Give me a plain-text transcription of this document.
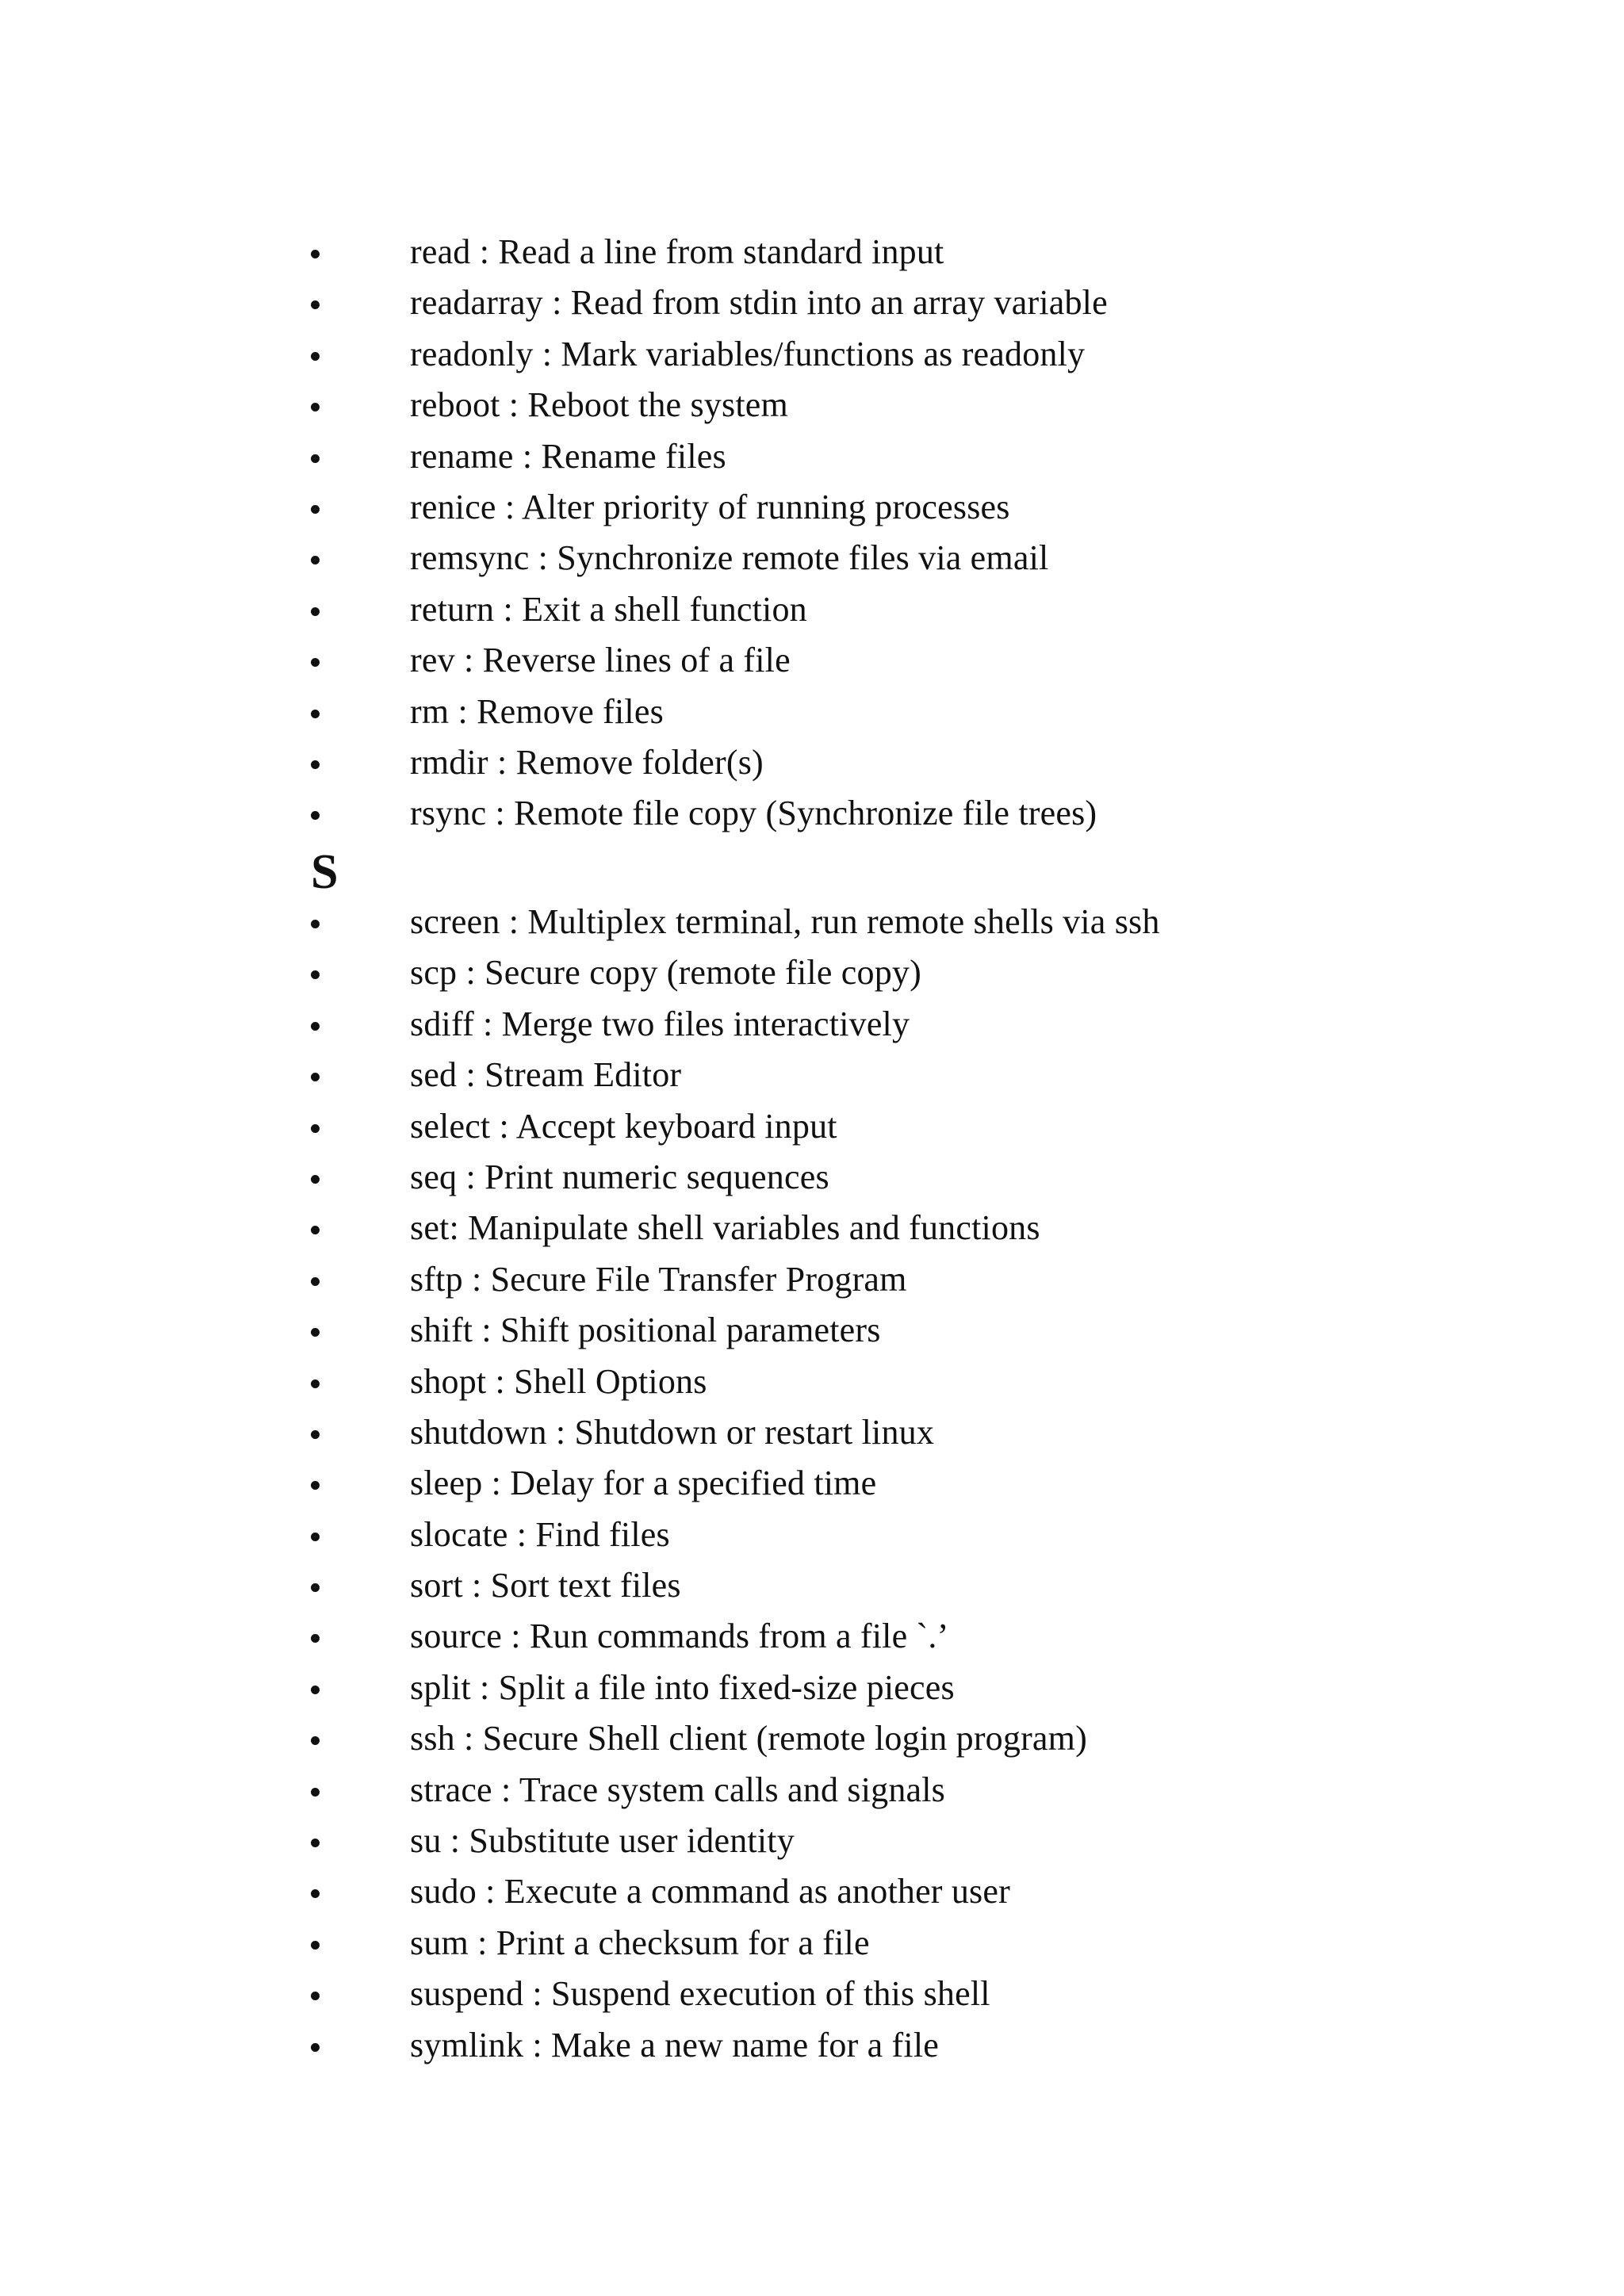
read : Read a line from standard input
readarray : Read from stdin into an array variable
readonly : Mark variables/functions as readonly
reboot : Reboot the system
rename : Rename files
renice : Alter priority of running processes
remsync : Synchronize remote files via email
return : Exit a shell function
rev : Reverse lines of a file
rm : Remove files
rmdir : Remove folder(s)
rsync : Remote file copy (Synchronize file trees)
S
screen : Multiplex terminal, run remote shells via ssh
scp : Secure copy (remote file copy)
sdiff : Merge two files interactively
sed : Stream Editor
select : Accept keyboard input
seq : Print numeric sequences
set: Manipulate shell variables and functions
sftp : Secure File Transfer Program
shift : Shift positional parameters
shopt : Shell Options
shutdown : Shutdown or restart linux
sleep : Delay for a specified time
slocate : Find files
sort : Sort text files
source : Run commands from a file `.’
split : Split a file into fixed-size pieces
ssh : Secure Shell client (remote login program)
strace : Trace system calls and signals
su : Substitute user identity
sudo : Execute a command as another user
sum : Print a checksum for a file
suspend : Suspend execution of this shell
symlink : Make a new name for a file
